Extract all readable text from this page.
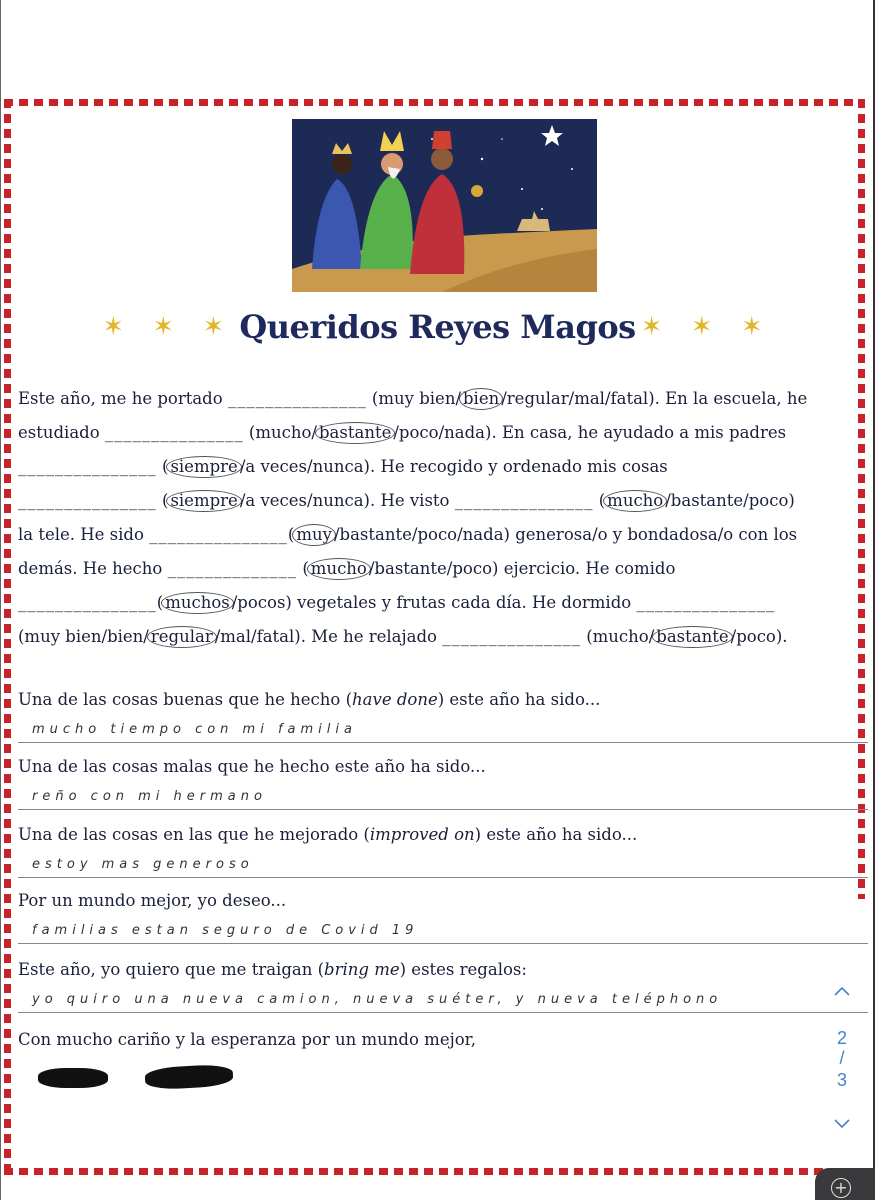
✶ ✶ ✶ Queridos Reyes Magos ✶ ✶ ✶
Este año, me he portado _______________ (muy bien/ bien /regular/mal/fatal). En la escuela, he
estudiado _______________ (mucho/ bastante /poco/nada). En casa, he ayudado a mis padres
_______________ ( siempre /a veces/nunca). He recogido y ordenado mis cosas
_______________ ( siempre /a veces/nunca). He visto _______________ ( mucho /bastante/poco)
la tele. He sido _______________( muy /bastante/poco/nada) generosa/o y bondadosa/o con los
demás. He hecho ______________ ( mucho /bastante/poco) ejercicio. He comido
_______________( muchos /pocos) vegetales y frutas cada día. He dormido _______________
(muy bien/bien/ regular /mal/fatal). Me he relajado _______________ (mucho/ bastante /poco).
Una de las cosas buenas que he hecho (have done) este año ha sido...
mucho tiempo con mi familia
Una de las cosas malas que he hecho este año ha sido...
reño con mi hermano
Una de las cosas en las que he mejorado (improved on) este año ha sido...
estoy mas generoso
Por un mundo mejor, yo deseo...
familias estan seguro de Covid 19
Este año, yo quiero que me traigan (bring me) estes regalos:
yo quiro una nueva camion, nueva suéter, y nueva teléphono
Con mucho cariño y la esperanza por un mundo mejor,	2
/
3
+
